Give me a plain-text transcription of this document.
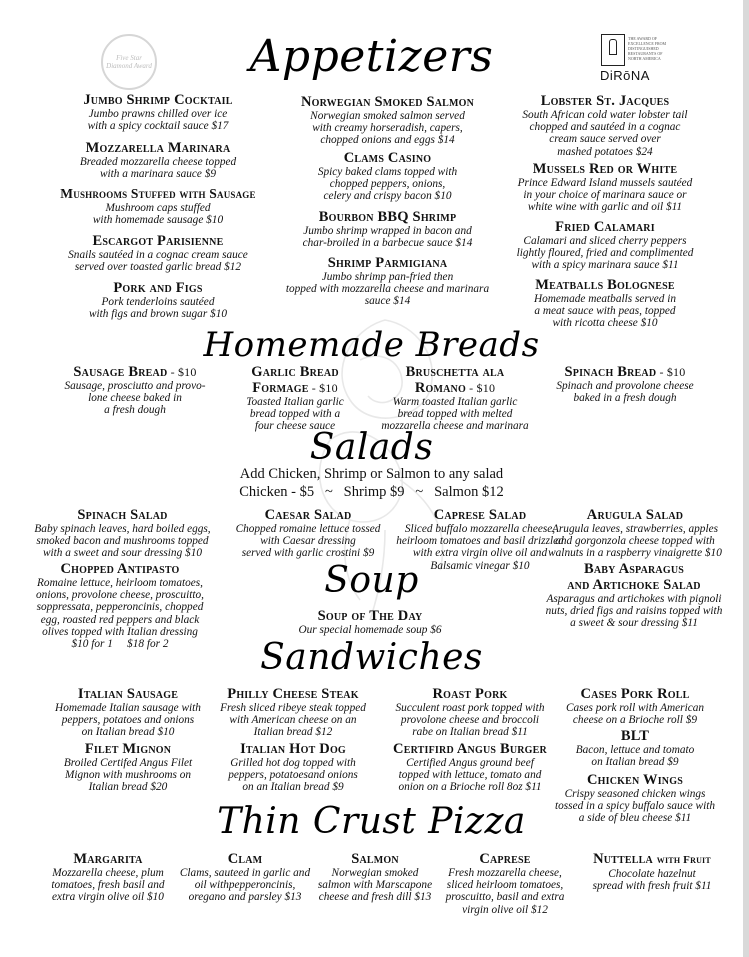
Five Star Diamond Award
THE AWARD OF EXCELLENCE FROM DISTINGUISHED RESTAURANTS OF NORTH AMERICA
DiRōNA
Appetizers
Jumbo Shrimp Cocktail
Jumbo prawns chilled over ice
with a spicy cocktail sauce $17
Mozzarella Marinara
Breaded mozzarella cheese topped
with a marinara sauce $9
Mushrooms Stuffed with Sausage
Mushroom caps stuffed
with homemade sausage $10
Escargot Parisienne
Snails sautéed in a cognac cream sauce
served over toasted garlic bread $12
Pork and Figs
Pork tenderloins sautéed
with figs and brown sugar $10
Norwegian Smoked Salmon
Norwegian smoked salmon served
with creamy horseradish, capers,
chopped onions and eggs $14
Clams Casino
Spicy baked clams topped with
chopped peppers, onions,
celery and crispy bacon $10
Bourbon BBQ Shrimp
Jumbo shrimp wrapped in bacon and
char-broiled in a barbecue sauce $14
Shrimp Parmigiana
Jumbo shrimp pan-fried then
topped with mozzarella cheese and marinara
sauce $14
Lobster St. Jacques
South African cold water lobster tail
chopped and sautéed in a cognac
cream sauce served over
mashed potatoes $24
Mussels Red or White
Prince Edward Island mussels sautéed
in your choice of marinara sauce or
white wine with garlic and oil $11
Fried Calamari
Calamari and sliced cherry peppers
lightly floured, fried and complimented
with a spicy marinara sauce $11
Meatballs Bolognese
Homemade meatballs served in
a meat sauce with peas, topped
with ricotta cheese $10
Homemade Breads
Sausage Bread - $10
Sausage, prosciutto and provo-
lone cheese baked in
a fresh dough
Garlic Bread
Formage - $10
Toasted Italian garlic
bread topped with a
four cheese sauce
Bruschetta ala
Romano - $10
Warm toasted Italian garlic
bread topped with melted
mozzarella cheese and marinara
Spinach Bread - $10
Spinach and provolone cheese
baked in a fresh dough
Salads
Add Chicken, Shrimp or Salmon to any salad
Chicken - $5   ~   Shrimp $9   ~   Salmon $12
Spinach Salad
Baby spinach leaves, hard boiled eggs,
smoked bacon and mushrooms topped
with a sweet and sour dressing $10
Caesar Salad
Chopped romaine lettuce tossed
with Caesar dressing
served with garlic crostini $9
Caprese Salad
Sliced buffalo mozzarella cheese,
heirloom tomatoes and basil drizzled
with extra virgin olive oil and
Balsamic vinegar $10
Arugula Salad
Arugula leaves, strawberries, apples
and gorgonzola cheese topped with
walnuts in a raspberry vinaigrette $10
Chopped Antipasto
Romaine lettuce, heirloom tomatoes,
onions, provolone cheese, proscuitto,
soppressata, pepperoncinis, chopped
egg, roasted red peppers and black
olives topped with Italian dressing
$10 for 1     $18 for 2
Baby Asparagus
and Artichoke Salad
Asparagus and artichokes with pignoli
nuts, dried figs and raisins topped with
a sweet & sour dressing $11
Soup
Soup of The Day
Our special homemade soup $6
Sandwiches
Italian Sausage
Homemade Italian sausage with
peppers, potatoes and onions
on Italian bread $10
Filet Mignon
Broiled Certifed Angus Filet
Mignon with mushrooms on
Italian bread $20
Philly Cheese Steak
Fresh sliced ribeye steak topped
with American cheese on an
Italian bread $12
Italian Hot Dog
Grilled hot dog topped with
peppers, potatoesand onions
on an Italian bread $9
Roast Pork
Succulent roast pork topped with
provolone cheese and broccoli
rabe on Italian bread $11
Certifird Angus Burger
Certified Angus ground beef
topped with lettuce, tomato and
onion on a Brioche roll 8oz $11
Cases Pork Roll
Cases pork roll with American
cheese on a Brioche roll $9
BLT
Bacon, lettuce and tomato
on Italian bread $9
Chicken Wings
Crispy seasoned chicken wings
tossed in a spicy buffalo sauce with
a side of bleu cheese $11
Thin Crust Pizza
Margarita
Mozzarella cheese, plum
tomatoes, fresh basil and
extra virgin olive oil $10
Clam
Clams, sauteed in garlic and
oil withpepperoncinis,
oregano and parsley $13
Salmon
Norwegian smoked
salmon with Marscapone
cheese and fresh dill $13
Caprese
Fresh mozzarella cheese,
sliced heirloom tomatoes,
proscuitto, basil and extra
virgin olive oil $12
Nuttella with Fruit
Chocolate hazelnut
spread with fresh fruit $11
